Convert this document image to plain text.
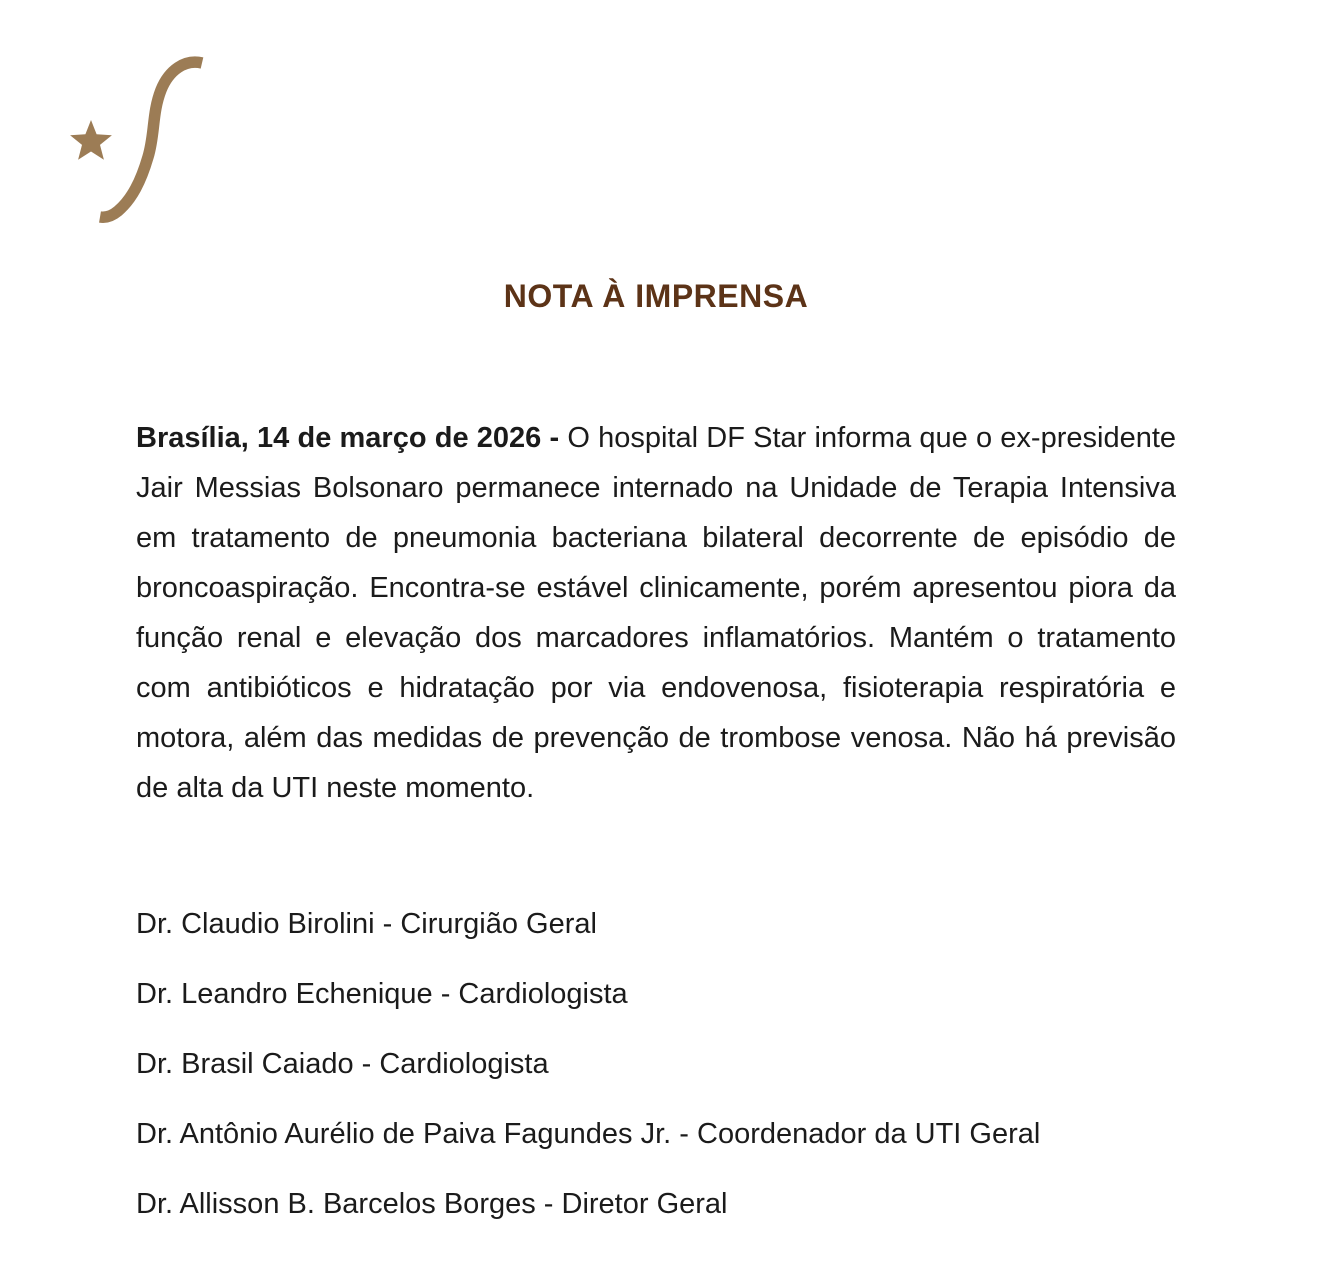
NOTA À IMPRENSA
Brasília, 14 de março de 2026 - O hospital DF Star informa que o ex-presidente
Jair Messias Bolsonaro permanece internado na Unidade de Terapia Intensiva
em tratamento de pneumonia bacteriana bilateral decorrente de episódio de
broncoaspiração. Encontra-se estável clinicamente, porém apresentou piora da
função renal e elevação dos marcadores inflamatórios. Mantém o tratamento
com antibióticos e hidratação por via endovenosa, fisioterapia respiratória e
motora, além das medidas de prevenção de trombose venosa. Não há previsão
de alta da UTI neste momento.
Dr. Claudio Birolini - Cirurgião Geral
Dr. Leandro Echenique - Cardiologista
Dr. Brasil Caiado - Cardiologista
Dr. Antônio Aurélio de Paiva Fagundes Jr. - Coordenador da UTI Geral
Dr. Allisson B. Barcelos Borges - Diretor Geral
